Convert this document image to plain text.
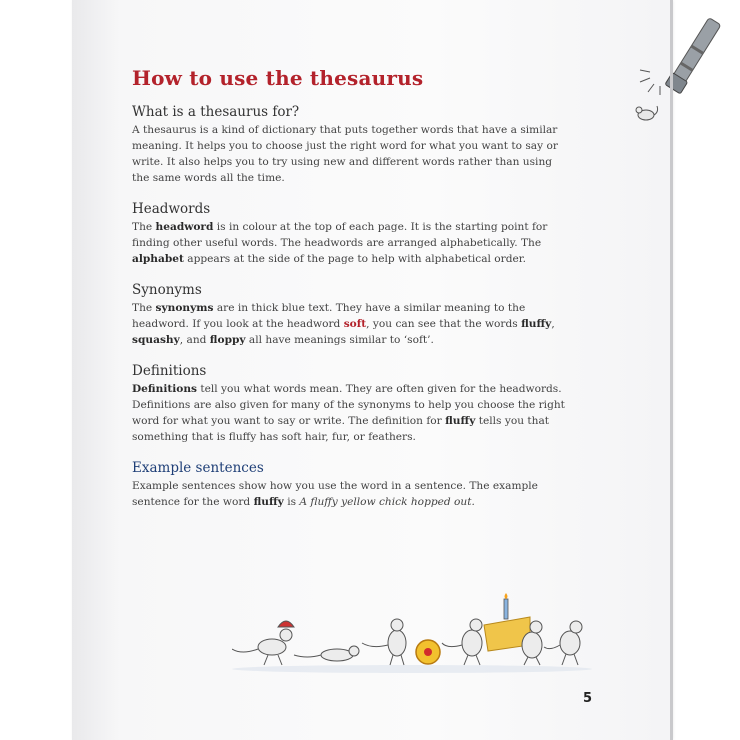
How to use the thesaurus
What is a thesaurus for?

A thesaurus is a kind of dictionary that puts together words that have a similar meaning. It helps you to choose just the right word for what you want to say or write. It also helps you to try using new and different words rather than using the same words all the time.

Headwords

The headword is in colour at the top of each page. It is the starting point for finding other useful words. The headwords are arranged alphabetically. The alphabet appears at the side of the page to help with alphabetical order.

Synonyms

The synonyms are in thick blue text. They have a similar meaning to the headword. If you look at the headword soft, you can see that the words fluffy, squashy, and floppy all have meanings similar to ‘soft’.

Definitions

Definitions tell you what words mean. They are often given for the headwords. Definitions are also given for many of the synonyms to help you choose the right word for what you want to say or write. The definition for fluffy tells you that something that is fluffy has soft hair, fur, or feathers.

Example sentences

Example sentences show how you use the word in a sentence. The example sentence for the word fluffy is A fluffy yellow chick hopped out.

5
